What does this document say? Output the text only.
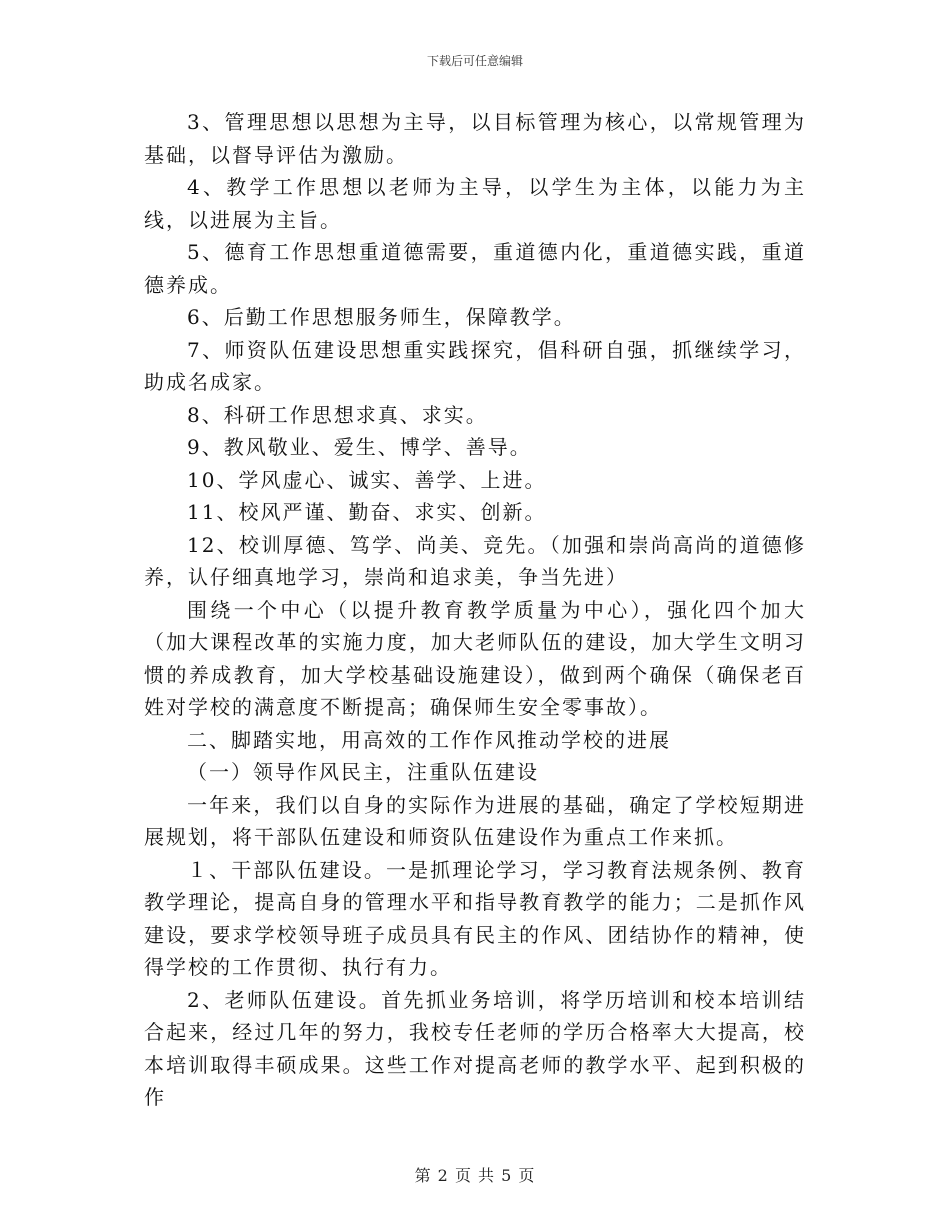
下载后可任意编辑

3、管理思想以思想为主导，以目标管理为核心，以常规管理为基础，以督导评估为激励。

4、教学工作思想以老师为主导，以学生为主体，以能力为主线，以进展为主旨。

5、德育工作思想重道德需要，重道德内化，重道德实践，重道德养成。

6、后勤工作思想服务师生，保障教学。

7、师资队伍建设思想重实践探究，倡科研自强，抓继续学习，助成名成家。

8、科研工作思想求真、求实。

9、教风敬业、爱生、博学、善导。

10、学风虚心、诚实、善学、上进。

11、校风严谨、勤奋、求实、创新。

12、校训厚德、笃学、尚美、竞先。（加强和崇尚高尚的道德修养，认仔细真地学习，崇尚和追求美，争当先进）

围绕一个中心（以提升教育教学质量为中心），强化四个加大（加大课程改革的实施力度，加大老师队伍的建设，加大学生文明习惯的养成教育，加大学校基础设施建设），做到两个确保（确保老百姓对学校的满意度不断提高；确保师生安全零事故）。

二、脚踏实地，用高效的工作作风推动学校的进展

（一）领导作风民主，注重队伍建设

一年来，我们以自身的实际作为进展的基础，确定了学校短期进展规划，将干部队伍建设和师资队伍建设作为重点工作来抓。

１、干部队伍建设。一是抓理论学习，学习教育法规条例、教育教学理论，提高自身的管理水平和指导教育教学的能力；二是抓作风建设，要求学校领导班子成员具有民主的作风、团结协作的精神，使得学校的工作贯彻、执行有力。

2、老师队伍建设。首先抓业务培训，将学历培训和校本培训结合起来，经过几年的努力，我校专任老师的学历合格率大大提高，校本培训取得丰硕成果。这些工作对提高老师的教学水平、起到积极的作

第 2 页 共 5 页
